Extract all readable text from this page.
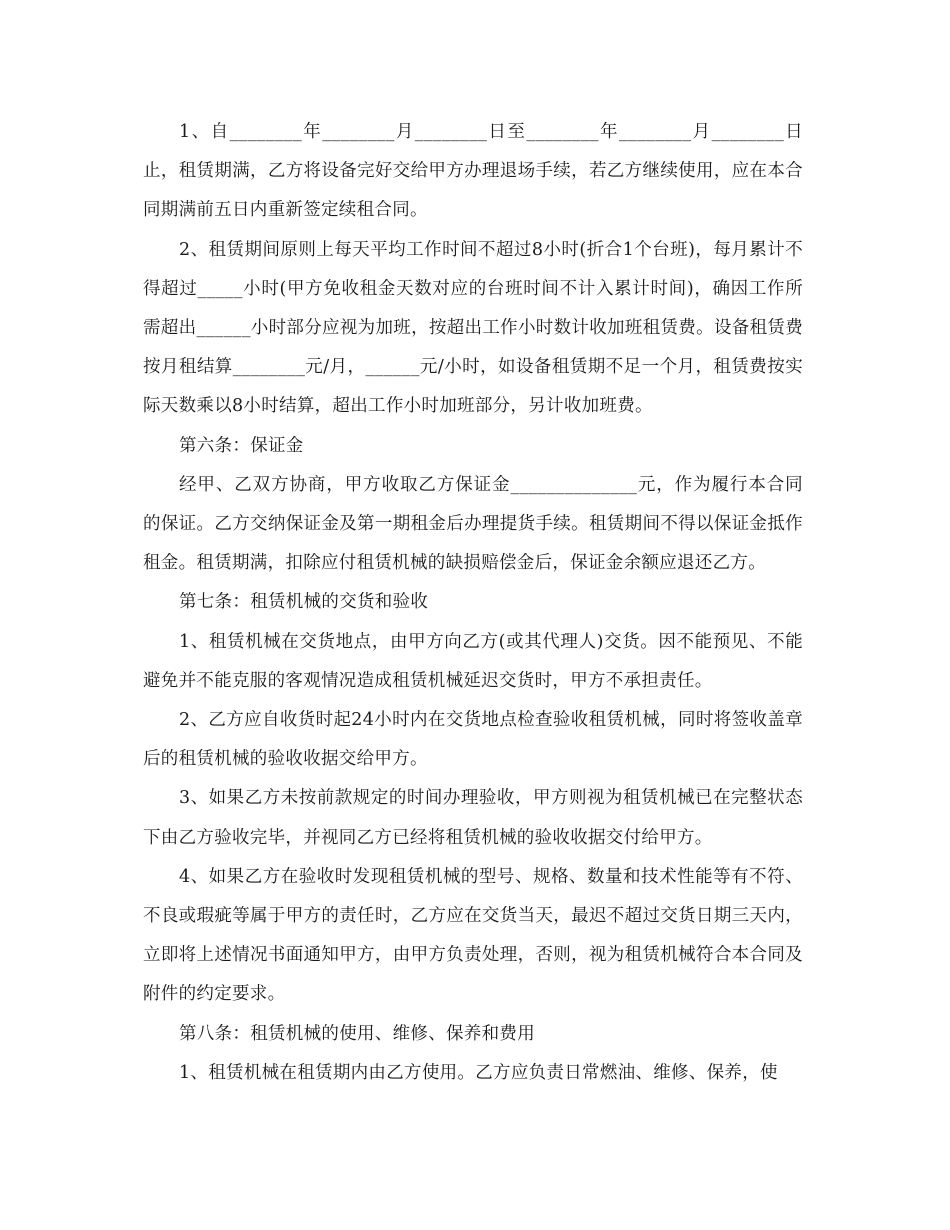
1、自________年________月________日至________年________月________日止，租赁期满，乙方将设备完好交给甲方办理退场手续，若乙方继续使用，应在本合同期满前五日内重新签定续租合同。

2、租赁期间原则上每天平均工作时间不超过8小时(折合1个台班)，每月累计不得超过_____小时(甲方免收租金天数对应的台班时间不计入累计时间)，确因工作所需超出______小时部分应视为加班，按超出工作小时数计收加班租赁费。设备租赁费按月租结算________元/月，______元/小时，如设备租赁期不足一个月，租赁费按实际天数乘以8小时结算，超出工作小时加班部分，另计收加班费。

第六条：保证金

经甲、乙双方协商，甲方收取乙方保证金______________元，作为履行本合同的保证。乙方交纳保证金及第一期租金后办理提货手续。租赁期间不得以保证金抵作租金。租赁期满，扣除应付租赁机械的缺损赔偿金后，保证金余额应退还乙方。

第七条：租赁机械的交货和验收

1、租赁机械在交货地点，由甲方向乙方(或其代理人)交货。因不能预见、不能避免并不能克服的客观情况造成租赁机械延迟交货时，甲方不承担责任。

2、乙方应自收货时起24小时内在交货地点检查验收租赁机械，同时将签收盖章后的租赁机械的验收收据交给甲方。

3、如果乙方未按前款规定的时间办理验收，甲方则视为租赁机械已在完整状态下由乙方验收完毕，并视同乙方已经将租赁机械的验收收据交付给甲方。

4、如果乙方在验收时发现租赁机械的型号、规格、数量和技术性能等有不符、不良或瑕疵等属于甲方的责任时，乙方应在交货当天，最迟不超过交货日期三天内，立即将上述情况书面通知甲方，由甲方负责处理，否则，视为租赁机械符合本合同及附件的约定要求。

第八条：租赁机械的使用、维修、保养和费用

1、租赁机械在租赁期内由乙方使用。乙方应负责日常燃油、维修、保养，使
